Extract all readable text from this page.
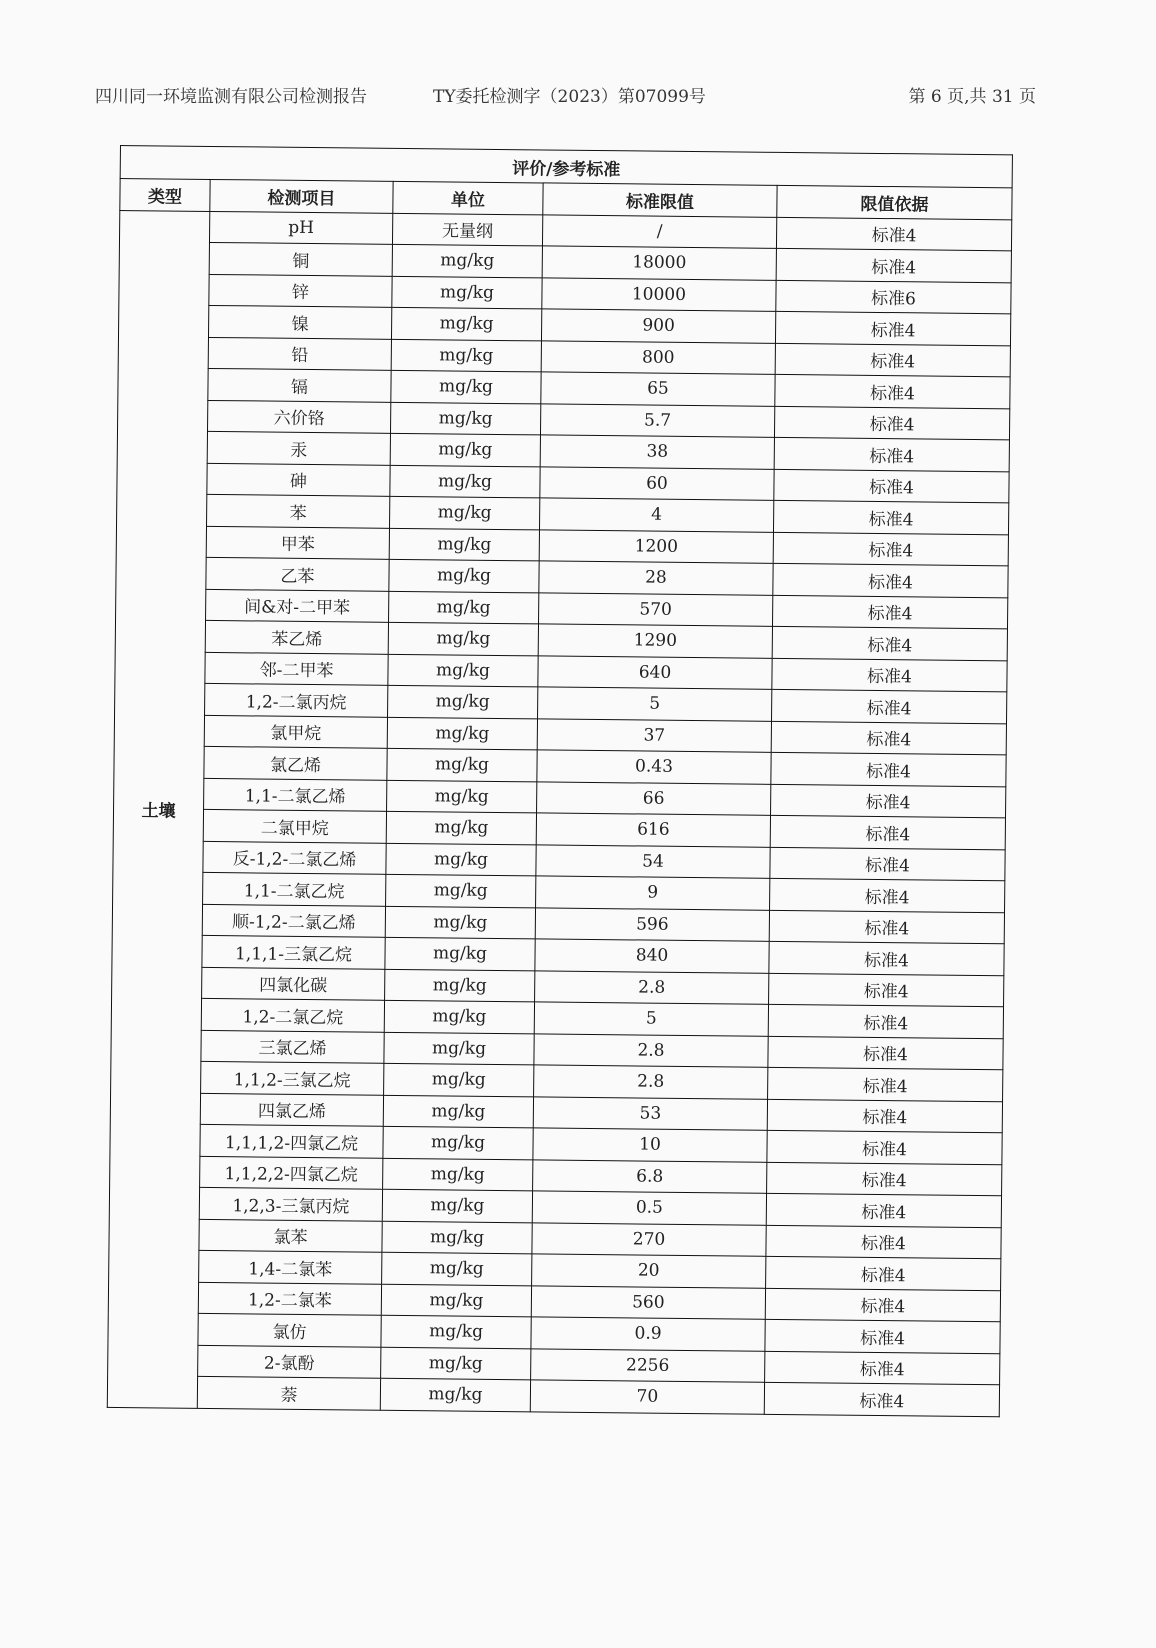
四川同一环境监测有限公司检测报告	TY委托检测字（2023）第07099号	第 6 页,共 31 页
评价/参考标准				
类型	检测项目	单位	标准限值	限值依据
土壤	pH	无量纲	/	标准4
	铜	mg/kg	18000	标准4
	锌	mg/kg	10000	标准6
	镍	mg/kg	900	标准4
	铅	mg/kg	800	标准4
	镉	mg/kg	65	标准4
	六价铬	mg/kg	5.7	标准4
	汞	mg/kg	38	标准4
	砷	mg/kg	60	标准4
	苯	mg/kg	4	标准4
	甲苯	mg/kg	1200	标准4
	乙苯	mg/kg	28	标准4
	间&对-二甲苯	mg/kg	570	标准4
	苯乙烯	mg/kg	1290	标准4
	邻-二甲苯	mg/kg	640	标准4
	1,2-二氯丙烷	mg/kg	5	标准4
	氯甲烷	mg/kg	37	标准4
	氯乙烯	mg/kg	0.43	标准4
	1,1-二氯乙烯	mg/kg	66	标准4
	二氯甲烷	mg/kg	616	标准4
	反-1,2-二氯乙烯	mg/kg	54	标准4
	1,1-二氯乙烷	mg/kg	9	标准4
	顺-1,2-二氯乙烯	mg/kg	596	标准4
	1,1,1-三氯乙烷	mg/kg	840	标准4
	四氯化碳	mg/kg	2.8	标准4
	1,2-二氯乙烷	mg/kg	5	标准4
	三氯乙烯	mg/kg	2.8	标准4
	1,1,2-三氯乙烷	mg/kg	2.8	标准4
	四氯乙烯	mg/kg	53	标准4
	1,1,1,2-四氯乙烷	mg/kg	10	标准4
	1,1,2,2-四氯乙烷	mg/kg	6.8	标准4
	1,2,3-三氯丙烷	mg/kg	0.5	标准4
	氯苯	mg/kg	270	标准4
	1,4-二氯苯	mg/kg	20	标准4
	1,2-二氯苯	mg/kg	560	标准4
	氯仿	mg/kg	0.9	标准4
	2-氯酚	mg/kg	2256	标准4
	萘	mg/kg	70	标准4
